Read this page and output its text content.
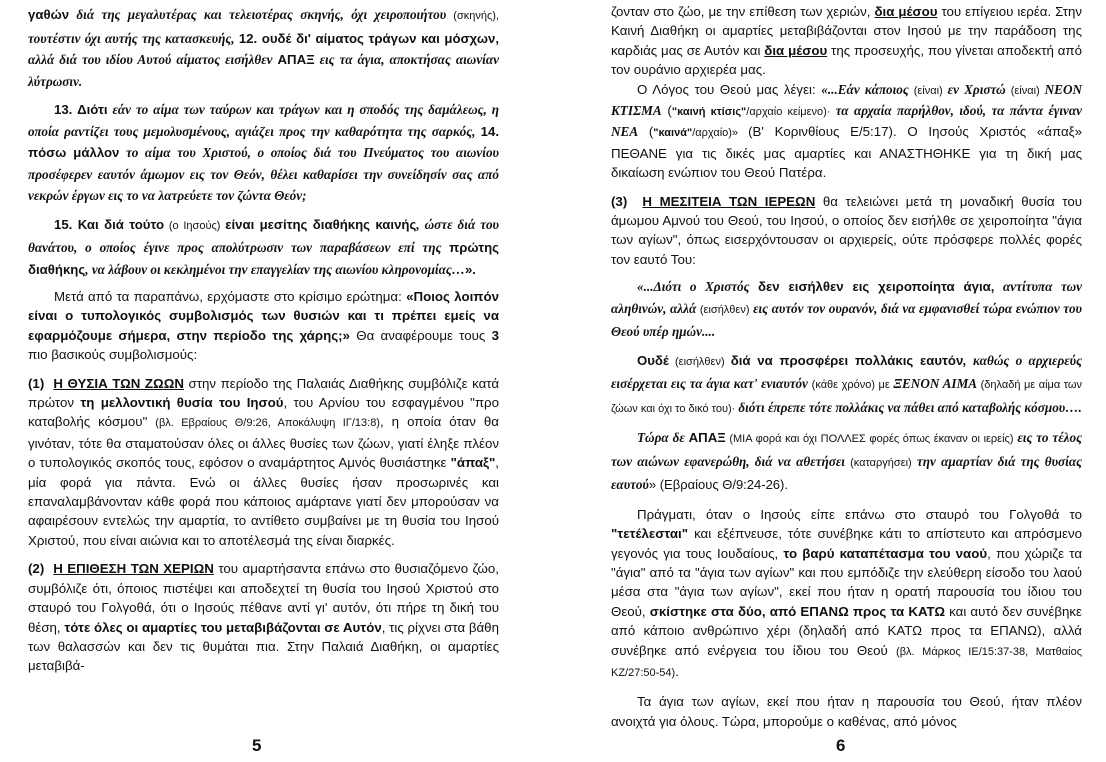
γαθών διά της μεγαλυτέρας και τελειοτέρας σκηνής, όχι χειροποιήτου (σκηνής), τουτέστιν όχι αυτής της κατασκευής, 12. ουδέ δι' αίματος τράγων και μόσχων, αλλά διά του ιδίου Αυτού αίματος εισήλθεν ΑΠΑΞ εις τα άγια, αποκτήσας αιωνίαν λύτρωσιν.

13. Διότι εάν το αίμα των ταύρων και τράγων και η σποδός της δαμάλεως, η οποία ραντίζει τους μεμολυσμένους, αγιάζει προς την καθαρότητα της σαρκός, 14. πόσω μάλλον το αίμα του Χριστού, ο οποίος διά του Πνεύματος του αιωνίου προσέφερεν εαυτόν άμωμον εις τον Θεόν, θέλει καθαρίσει την συνείδησίν σας από νεκρών έργων εις το να λατρεύετε τον ζώντα Θεόν;

15. Και διά τούτο (ο Ιησούς) είναι μεσίτης διαθήκης καινής, ώστε διά του θανάτου, ο οποίος έγινε προς απολύτρωσιν των παραβάσεων επί της πρώτης διαθήκης, να λάβουν οι κεκλημένοι την επαγγελίαν της αιωνίου κληρονομίας…».

Μετά από τα παραπάνω, ερχόμαστε στο κρίσιμο ερώτημα: «Ποιος λοιπόν είναι ο τυπολογικός συμβολισμός των θυσιών και τι πρέπει εμείς να εφαρμόζουμε σήμερα, στην περίοδο της χάρης;» Θα αναφέρουμε τους 3 πιο βασικούς συμβολισμούς:

(1) Η ΘΥΣΙΑ ΤΩΝ ΖΩΩΝ στην περίοδο της Παλαιάς Διαθήκης συμβόλιζε κατά πρώτον τη μελλοντική θυσία του Ιησού, του Αρνίου του εσφαγμένου "προ καταβολής κόσμου" (βλ. Εβραίους Θ/9:26, Αποκάλυψη ΙΓ/13:8), η οποία όταν θα γινόταν, τότε θα σταματούσαν όλες οι άλλες θυσίες των ζώων, γιατί έληξε πλέον ο τυπολογικός σκοπός τους, εφόσον ο αναμάρτητος Αμνός θυσιάστηκε "άπαξ", μία φορά για πάντα. Ενώ οι άλλες θυσίες ήσαν προσωρινές και επαναλαμβάνονταν κάθε φορά που κάποιος αμάρτανε γιατί δεν μπορούσαν να αφαιρέσουν εντελώς την αμαρτία, το αντίθετο συμβαίνει με τη θυσία του Ιησού Χριστού, που είναι αιώνια και το αποτέλεσμά της είναι διαρκές.

(2) Η ΕΠΙΘΕΣΗ ΤΩΝ ΧΕΡΙΩΝ του αμαρτήσαντα επάνω στο θυσιαζόμενο ζώο, συμβόλιζε ότι, όποιος πιστέψει και αποδεχτεί τη θυσία του Ιησού Χριστού στο σταυρό του Γολγοθά, ότι ο Ιησούς πέθανε αντί γι' αυτόν, ότι πήρε τη δική του θέση, τότε όλες οι αμαρτίες του μεταβιβάζονται σε Αυτόν, τις ρίχνει στα βάθη των θαλασσών και δεν τις θυμάται πια. Στην Παλαιά Διαθήκη, οι αμαρτίες μεταβιβά-

5

ζονταν στο ζώο, με την επίθεση των χεριών, δια μέσου του επίγειου ιερέα. Στην Καινή Διαθήκη οι αμαρτίες μεταβιβάζονται στον Ιησού με την παράδοση της καρδιάς μας σε Αυτόν και δια μέσου της προσευχής, που γίνεται αποδεκτή από τον ουράνιο αρχιερέα μας.

Ο Λόγος του Θεού μας λέγει: «...Εάν κάποιος (είναι) εν Χριστώ (είναι) ΝΕΟΝ ΚΤΙΣΜΑ ("καινή κτίσις"/αρχαίο κείμενο)· τα αρχαία παρήλθον, ιδού, τα πάντα έγιναν ΝΕΑ ("καινά"/αρχαίο)» (Β' Κορινθίους Ε/5:17). Ο Ιησούς Χριστός «άπαξ» ΠΕΘΑΝΕ για τις δικές μας αμαρτίες και ΑΝΑΣΤΗΘΗΚΕ για τη δική μας δικαίωση ενώπιον του Θεού Πατέρα.

(3) Η ΜΕΣΙΤΕΙΑ ΤΩΝ ΙΕΡΕΩΝ θα τελειώνει μετά τη μοναδική θυσία του άμωμου Αμνού του Θεού, του Ιησού, ο οποίος δεν εισήλθε σε χειροποίητα "άγια των αγίων", όπως εισερχόντουσαν οι αρχιερείς, ούτε πρόσφερε πολλές φορές τον εαυτό Του:

«...Διότι ο Χριστός δεν εισήλθεν εις χειροποίητα άγια, αντίτυπα των αληθινών, αλλά (εισήλθεν) εις αυτόν τον ουρανόν, διά να εμφανισθεί τώρα ενώπιον του Θεού υπέρ ημών....

Ουδέ (εισήλθεν) διά να προσφέρει πολλάκις εαυτόν, καθώς ο αρχιερεύς εισέρχεται εις τα άγια κατ' ενιαυτόν (κάθε χρόνο) με ΞΕΝΟΝ ΑΙΜΑ (δηλαδή με αίμα των ζώων και όχι το δικό του)· διότι έπρεπε τότε πολλάκις να πάθει από καταβολής κόσμου….

Τώρα δε ΑΠΑΞ (ΜΙΑ φορά και όχι ΠΟΛΛΕΣ φορές όπως έκαναν οι ιερείς) εις το τέλος των αιώνων εφανερώθη, διά να αθετήσει (καταργήσει) την αμαρτίαν διά της θυσίας εαυτού» (Εβραίους Θ/9:24-26).

Πράγματι, όταν ο Ιησούς είπε επάνω στο σταυρό του Γολγοθά το "τετέλεσται" και εξέπνευσε, τότε συνέβηκε κάτι το απίστευτο και απρόσμενο γεγονός για τους Ιουδαίους, το βαρύ καταπέτασμα του ναού, που χώριζε τα "άγια" από τα "άγια των αγίων" και που εμπόδιζε την ελεύθερη είσοδο του λαού μέσα στα "άγια των αγίων", εκεί που ήταν η ορατή παρουσία του ίδιου του Θεού, σκίστηκε στα δύο, από ΕΠΑΝΩ προς τα ΚΑΤΩ και αυτό δεν συνέβηκε από κάποιο ανθρώπινο χέρι (δηλαδή από ΚΑΤΩ προς τα ΕΠΑΝΩ), αλλά συνέβηκε από ενέργεια του ίδιου του Θεού (βλ. Μάρκος ΙΕ/15:37-38, Ματθαίος ΚΖ/27:50-54).

Τα άγια των αγίων, εκεί που ήταν η παρουσία του Θεού, ήταν πλέον ανοιχτά για όλους. Τώρα, μπορούμε ο καθένας, από μόνος

6
